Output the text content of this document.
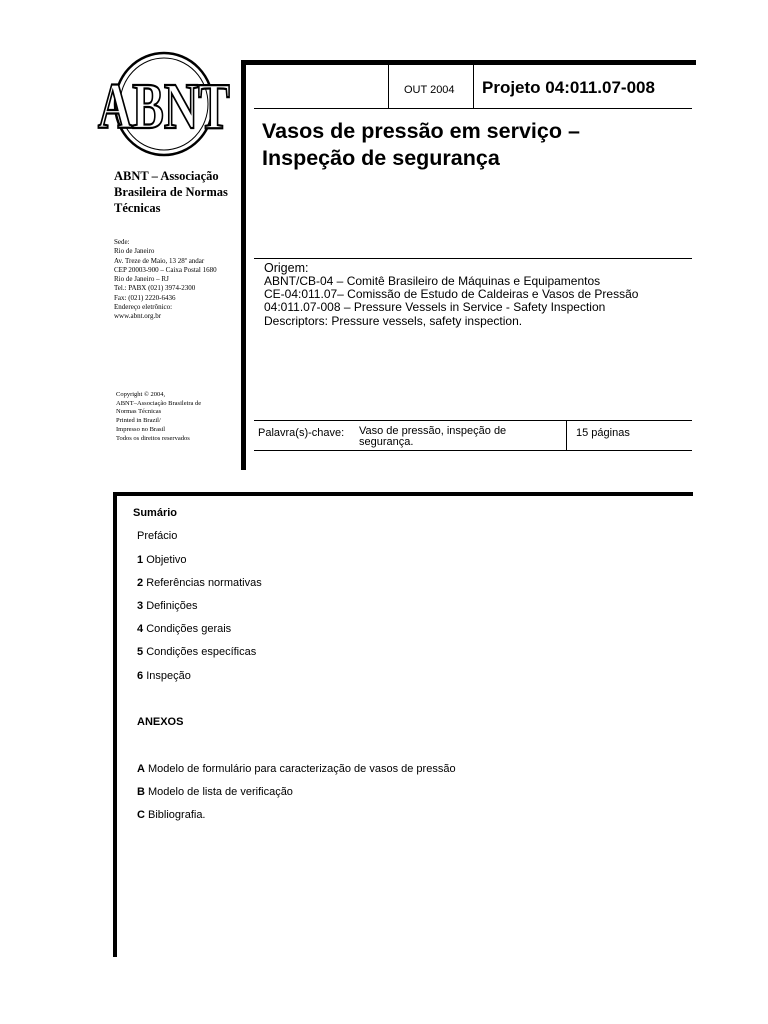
ABNT
ABNT – Associação Brasileira de Normas Técnicas
Sede:
Rio de Janeiro
Av. Treze de Maio, 13 28º andar
CEP 20003-900 – Caixa Postal 1680
Rio de Janeiro – RJ
Tel.: PABX (021) 3974-2300
Fax: (021) 2220-6436
Endereço eletrônico:
www.abnt.org.br
Copyright © 2004,
ABNT–Associação Brasileira de
Normas Técnicas
Printed in Brazil/
Impresso no Brasil
Todos os direitos reservados
OUT 2004 Projeto 04:011.07-008
Vasos de pressão em serviço –
Inspeção de segurança
Origem:
ABNT/CB-04 – Comitê Brasileiro de Máquinas e Equipamentos
CE-04:011.07– Comissão de Estudo de Caldeiras e Vasos de Pressão
04:011.07-008 – Pressure Vessels in Service - Safety Inspection
Descriptors: Pressure vessels, safety inspection.
Palavra(s)-chave: Vaso de pressão, inspeção de
segurança.
15 páginas
Sumário
Prefácio
1 Objetivo
2 Referências normativas
3 Definições
4 Condições gerais
5 Condições específicas
6 Inspeção
ANEXOS
A Modelo de formulário para caracterização de vasos de pressão
B Modelo de lista de verificação
C Bibliografia.
